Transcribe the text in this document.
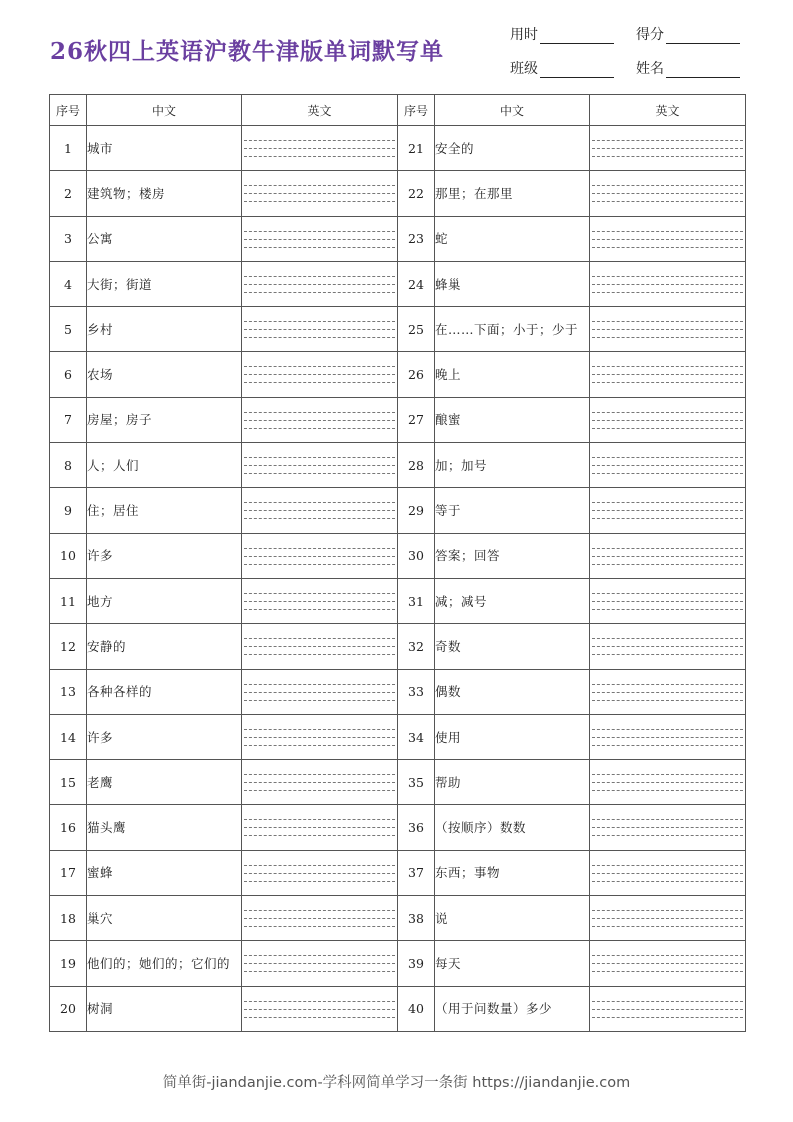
26秋四上英语沪教牛津版单词默写单
用时	得分
班级	姓名
序号	中文	英文	序号	中文	英文
1	城市		21	安全的	

2	建筑物；楼房		22	那里；在那里	

3	公寓		23	蛇	

4	大街；街道		24	蜂巢	

5	乡村		25	在……下面；小于；少于	

6	农场		26	晚上	

7	房屋；房子		27	酿蜜	

8	人；人们		28	加；加号	

9	住；居住		29	等于	

10	许多		30	答案；回答	

11	地方		31	减；减号	

12	安静的		32	奇数	

13	各种各样的		33	偶数	

14	许多		34	使用	

15	老鹰		35	帮助	

16	猫头鹰		36	（按顺序）数数	

17	蜜蜂		37	东西；事物	

18	巢穴		38	说	

19	他们的；她们的；它们的		39	每天	

20	树洞		40	（用于问数量）多少	
简单街-jiandanjie.com-学科网简单学习一条街 https://jiandanjie.com
